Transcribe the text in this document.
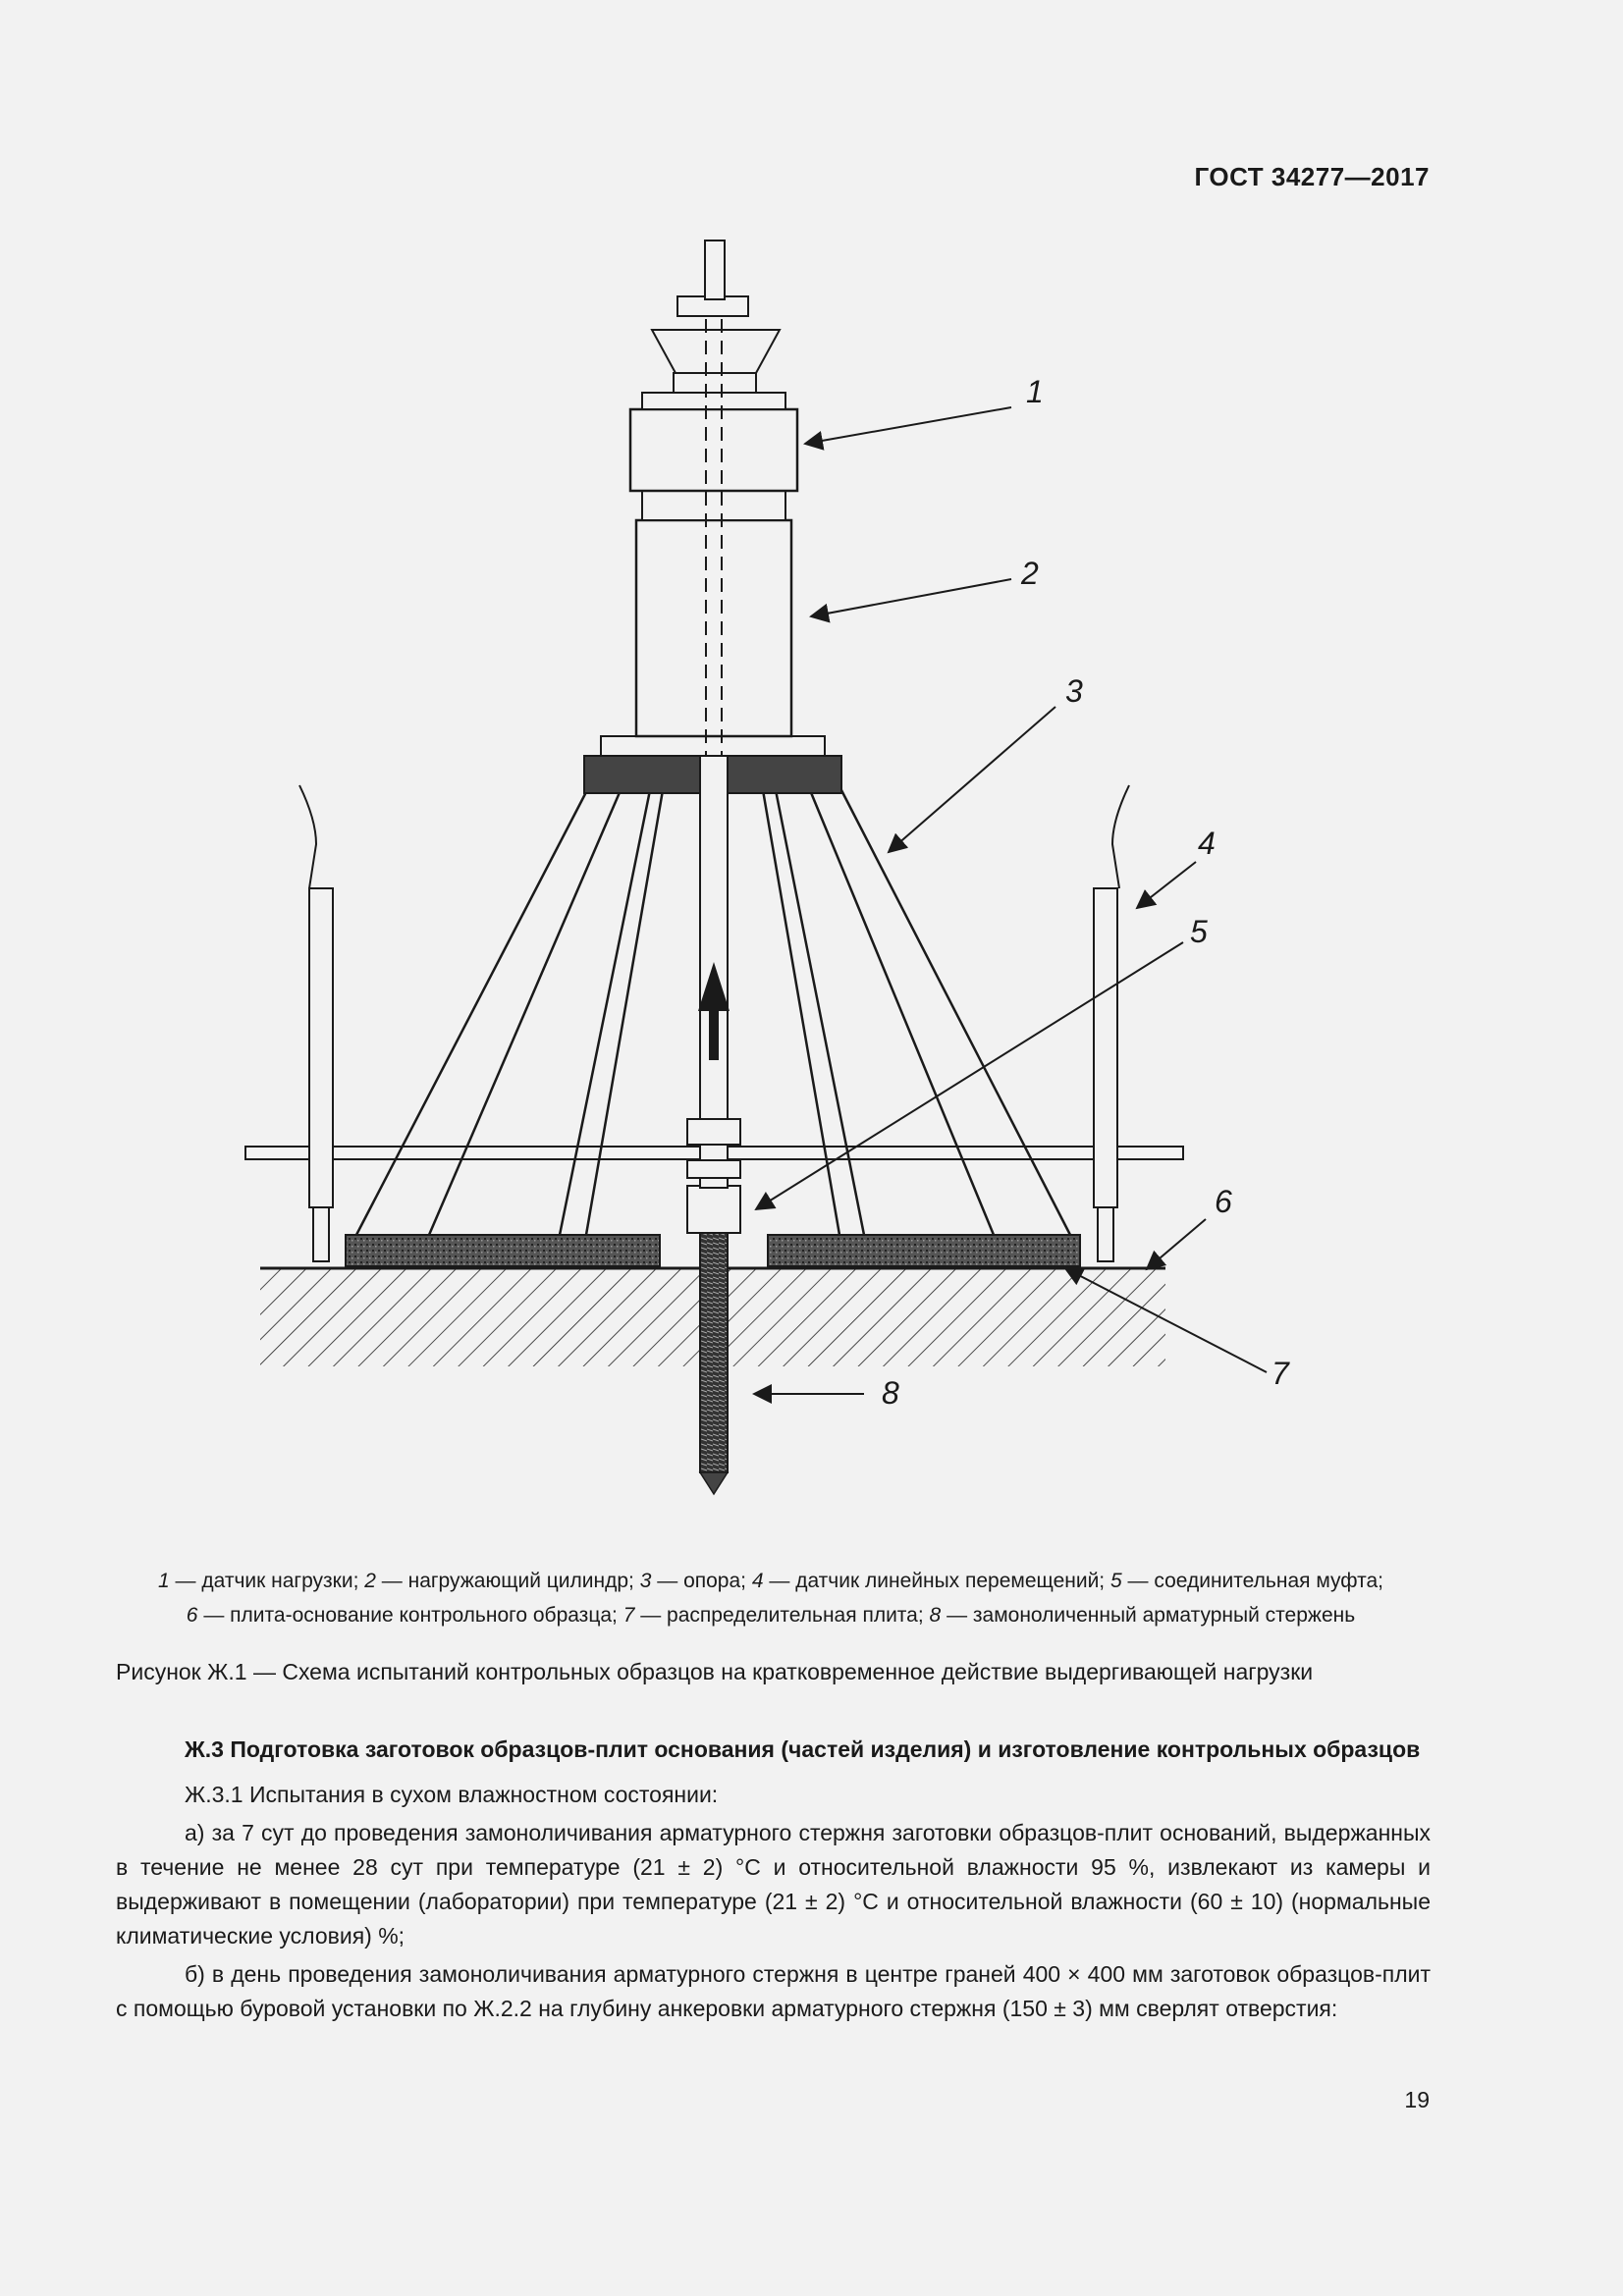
ГОСТ 34277—2017
1
2
3
4
5
6
7
8
1 — датчик нагрузки; 2 — нагружающий цилиндр; 3 — опора; 4 — датчик линейных перемещений; 5 — соединительная муфта;
6 — плита-основание контрольного образца; 7 — распределительная плита; 8 — замоноличенный арматурный стержень
Рисунок Ж.1 — Схема испытаний контрольных образцов на кратковременное действие выдергивающей нагрузки

Ж.3 Подготовка заготовок образцов-плит основания (частей изделия) и изготовление контрольных образцов

Ж.3.1 Испытания в сухом влажностном состоянии:

а) за 7 сут до проведения замоноличивания арматурного стержня заготовки образцов-плит оснований, выдержанных в течение не менее 28 сут при температуре (21 ± 2) °С и относительной влажности 95 %, извлекают из камеры и выдерживают в помещении (лаборатории) при температуре (21 ± 2) °С и относительной влажности (60 ± 10) (нормальные климатические условия) %;

б) в день проведения замоноличивания арматурного стержня в центре граней 400 × 400 мм заготовок образцов-плит с помощью буровой установки по Ж.2.2 на глубину анкеровки арматурного стержня (150 ± 3) мм сверлят отверстия:

19
